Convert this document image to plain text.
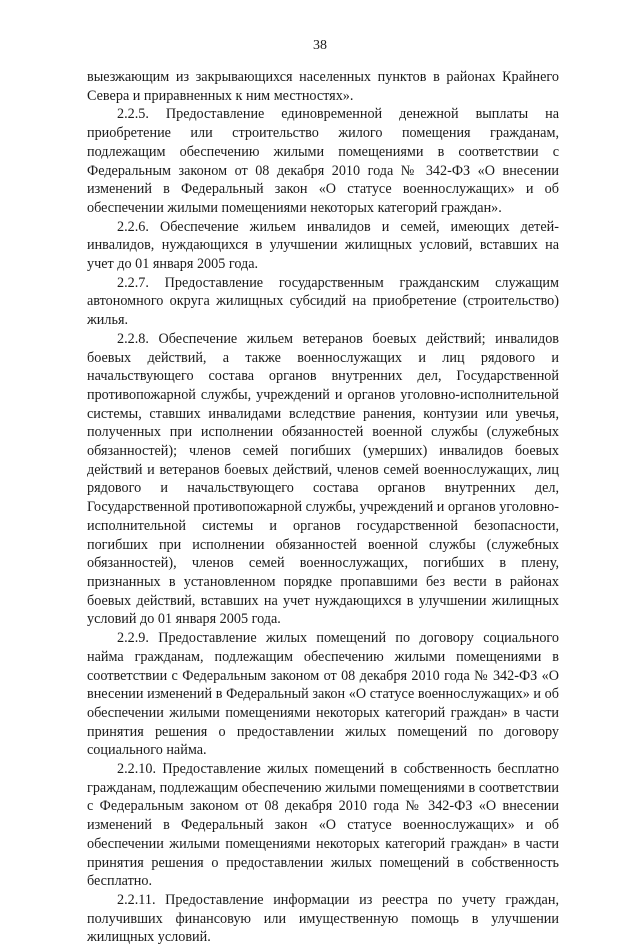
38

выезжающим из закрывающихся населенных пунктов в районах Крайнего Севера и приравненных к ним местностях».

2.2.5. Предоставление единовременной денежной выплаты на приобретение или строительство жилого помещения гражданам, подлежащим обеспечению жилыми помещениями в соответствии с Федеральным законом от 08 декабря 2010 года № 342-ФЗ «О внесении изменений в Федеральный закон «О статусе военнослужащих» и об обеспечении жилыми помещениями некоторых категорий граждан».

2.2.6. Обеспечение жильем инвалидов и семей, имеющих детей-инвалидов, нуждающихся в улучшении жилищных условий, вставших на учет до 01 января 2005 года.

2.2.7. Предоставление государственным гражданским служащим автономного округа жилищных субсидий на приобретение (строительство) жилья.

2.2.8. Обеспечение жильем ветеранов боевых действий; инвалидов боевых действий, а также военнослужащих и лиц рядового и начальствующего состава органов внутренних дел, Государственной противопожарной службы, учреждений и органов уголовно-исполнительной системы, ставших инвалидами вследствие ранения, контузии или увечья, полученных при исполнении обязанностей военной службы (служебных обязанностей); членов семей погибших (умерших) инвалидов боевых действий и ветеранов боевых действий, членов семей военнослужащих, лиц рядового и начальствующего состава органов внутренних дел, Государственной противопожарной службы, учреждений и органов уголовно-исполнительной системы и органов государственной безопасности, погибших при исполнении обязанностей военной службы (служебных обязанностей), членов семей военнослужащих, погибших в плену, признанных в установленном порядке пропавшими без вести в районах боевых действий, вставших на учет нуждающихся в улучшении жилищных условий до 01 января 2005 года.

2.2.9. Предоставление жилых помещений по договору социального найма гражданам, подлежащим обеспечению жилыми помещениями в соответствии с Федеральным законом от 08 декабря 2010 года № 342-ФЗ «О внесении изменений в Федеральный закон «О статусе военнослужащих» и об обеспечении жилыми помещениями некоторых категорий граждан» в части принятия решения о предоставлении жилых помещений по договору социального найма.

2.2.10. Предоставление жилых помещений в собственность бесплатно гражданам, подлежащим обеспечению жилыми помещениями в соответствии с Федеральным законом от 08 декабря 2010 года № 342-ФЗ «О внесении изменений в Федеральный закон «О статусе военнослужащих» и об обеспечении жилыми помещениями некоторых категорий граждан» в части принятия решения о предоставлении жилых помещений в собственность бесплатно.

2.2.11. Предоставление информации из реестра по учету граждан, получивших финансовую или имущественную помощь в улучшении жилищных условий.
